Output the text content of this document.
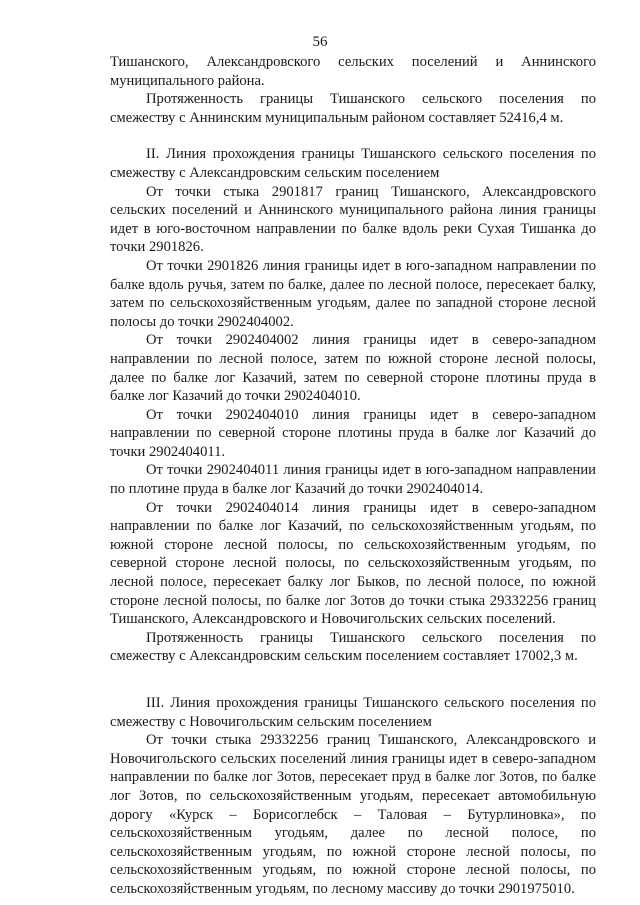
56

Тишанского, Александровского сельских поселений и Аннинского муниципального района.

Протяженность границы Тишанского сельского поселения по смежеству с Аннинским муниципальным районом составляет 52416,4 м.

II. Линия прохождения границы Тишанского сельского поселения по смежеству с Александровским сельским поселением

От точки стыка 2901817 границ Тишанского, Александровского сельских поселений и Аннинского муниципального района линия границы идет в юго-восточном направлении по балке вдоль реки Сухая Тишанка до точки 2901826.

От точки 2901826 линия границы идет в юго-западном направлении по балке вдоль ручья, затем по балке, далее по лесной полосе, пересекает балку, затем по сельскохозяйственным угодьям, далее по западной стороне лесной полосы до точки 2902404002.

От точки 2902404002 линия границы идет в северо-западном направлении по лесной полосе, затем по южной стороне лесной полосы, далее по балке лог Казачий, затем по северной стороне плотины пруда в балке лог Казачий до точки 2902404010.

От точки 2902404010 линия границы идет в северо-западном направлении по северной стороне плотины пруда в балке лог Казачий до точки 2902404011.

От точки 2902404011 линия границы идет в юго-западном направлении по плотине пруда в балке лог Казачий до точки 2902404014.

От точки 2902404014 линия границы идет в северо-западном направлении по балке лог Казачий, по сельскохозяйственным угодьям, по южной стороне лесной полосы, по сельскохозяйственным угодьям, по северной стороне лесной полосы, по сельскохозяйственным угодьям, по лесной полосе, пересекает балку лог Быков, по лесной полосе, по южной стороне лесной полосы, по балке лог Зотов до точки стыка 29332256 границ Тишанского, Александровского и Новочигольских сельских поселений.

Протяженность границы Тишанского сельского поселения по смежеству с Александровским сельским поселением составляет 17002,3 м.

III. Линия прохождения границы Тишанского сельского поселения по смежеству с Новочигольским сельским поселением

От точки стыка 29332256 границ Тишанского, Александровского и Новочигольского сельских поселений линия границы идет в северо-западном направлении по балке лог Зотов, пересекает пруд в балке лог Зотов, по балке лог Зотов, по сельскохозяйственным угодьям, пересекает автомобильную дорогу «Курск – Борисоглебск – Таловая – Бутурлиновка», по сельскохозяйственным угодьям, далее по лесной полосе, по сельскохозяйственным угодьям, по южной стороне лесной полосы, по сельскохозяйственным угодьям, по южной стороне лесной полосы, по сельскохозяйственным угодьям, по лесному массиву до точки 2901975010.
